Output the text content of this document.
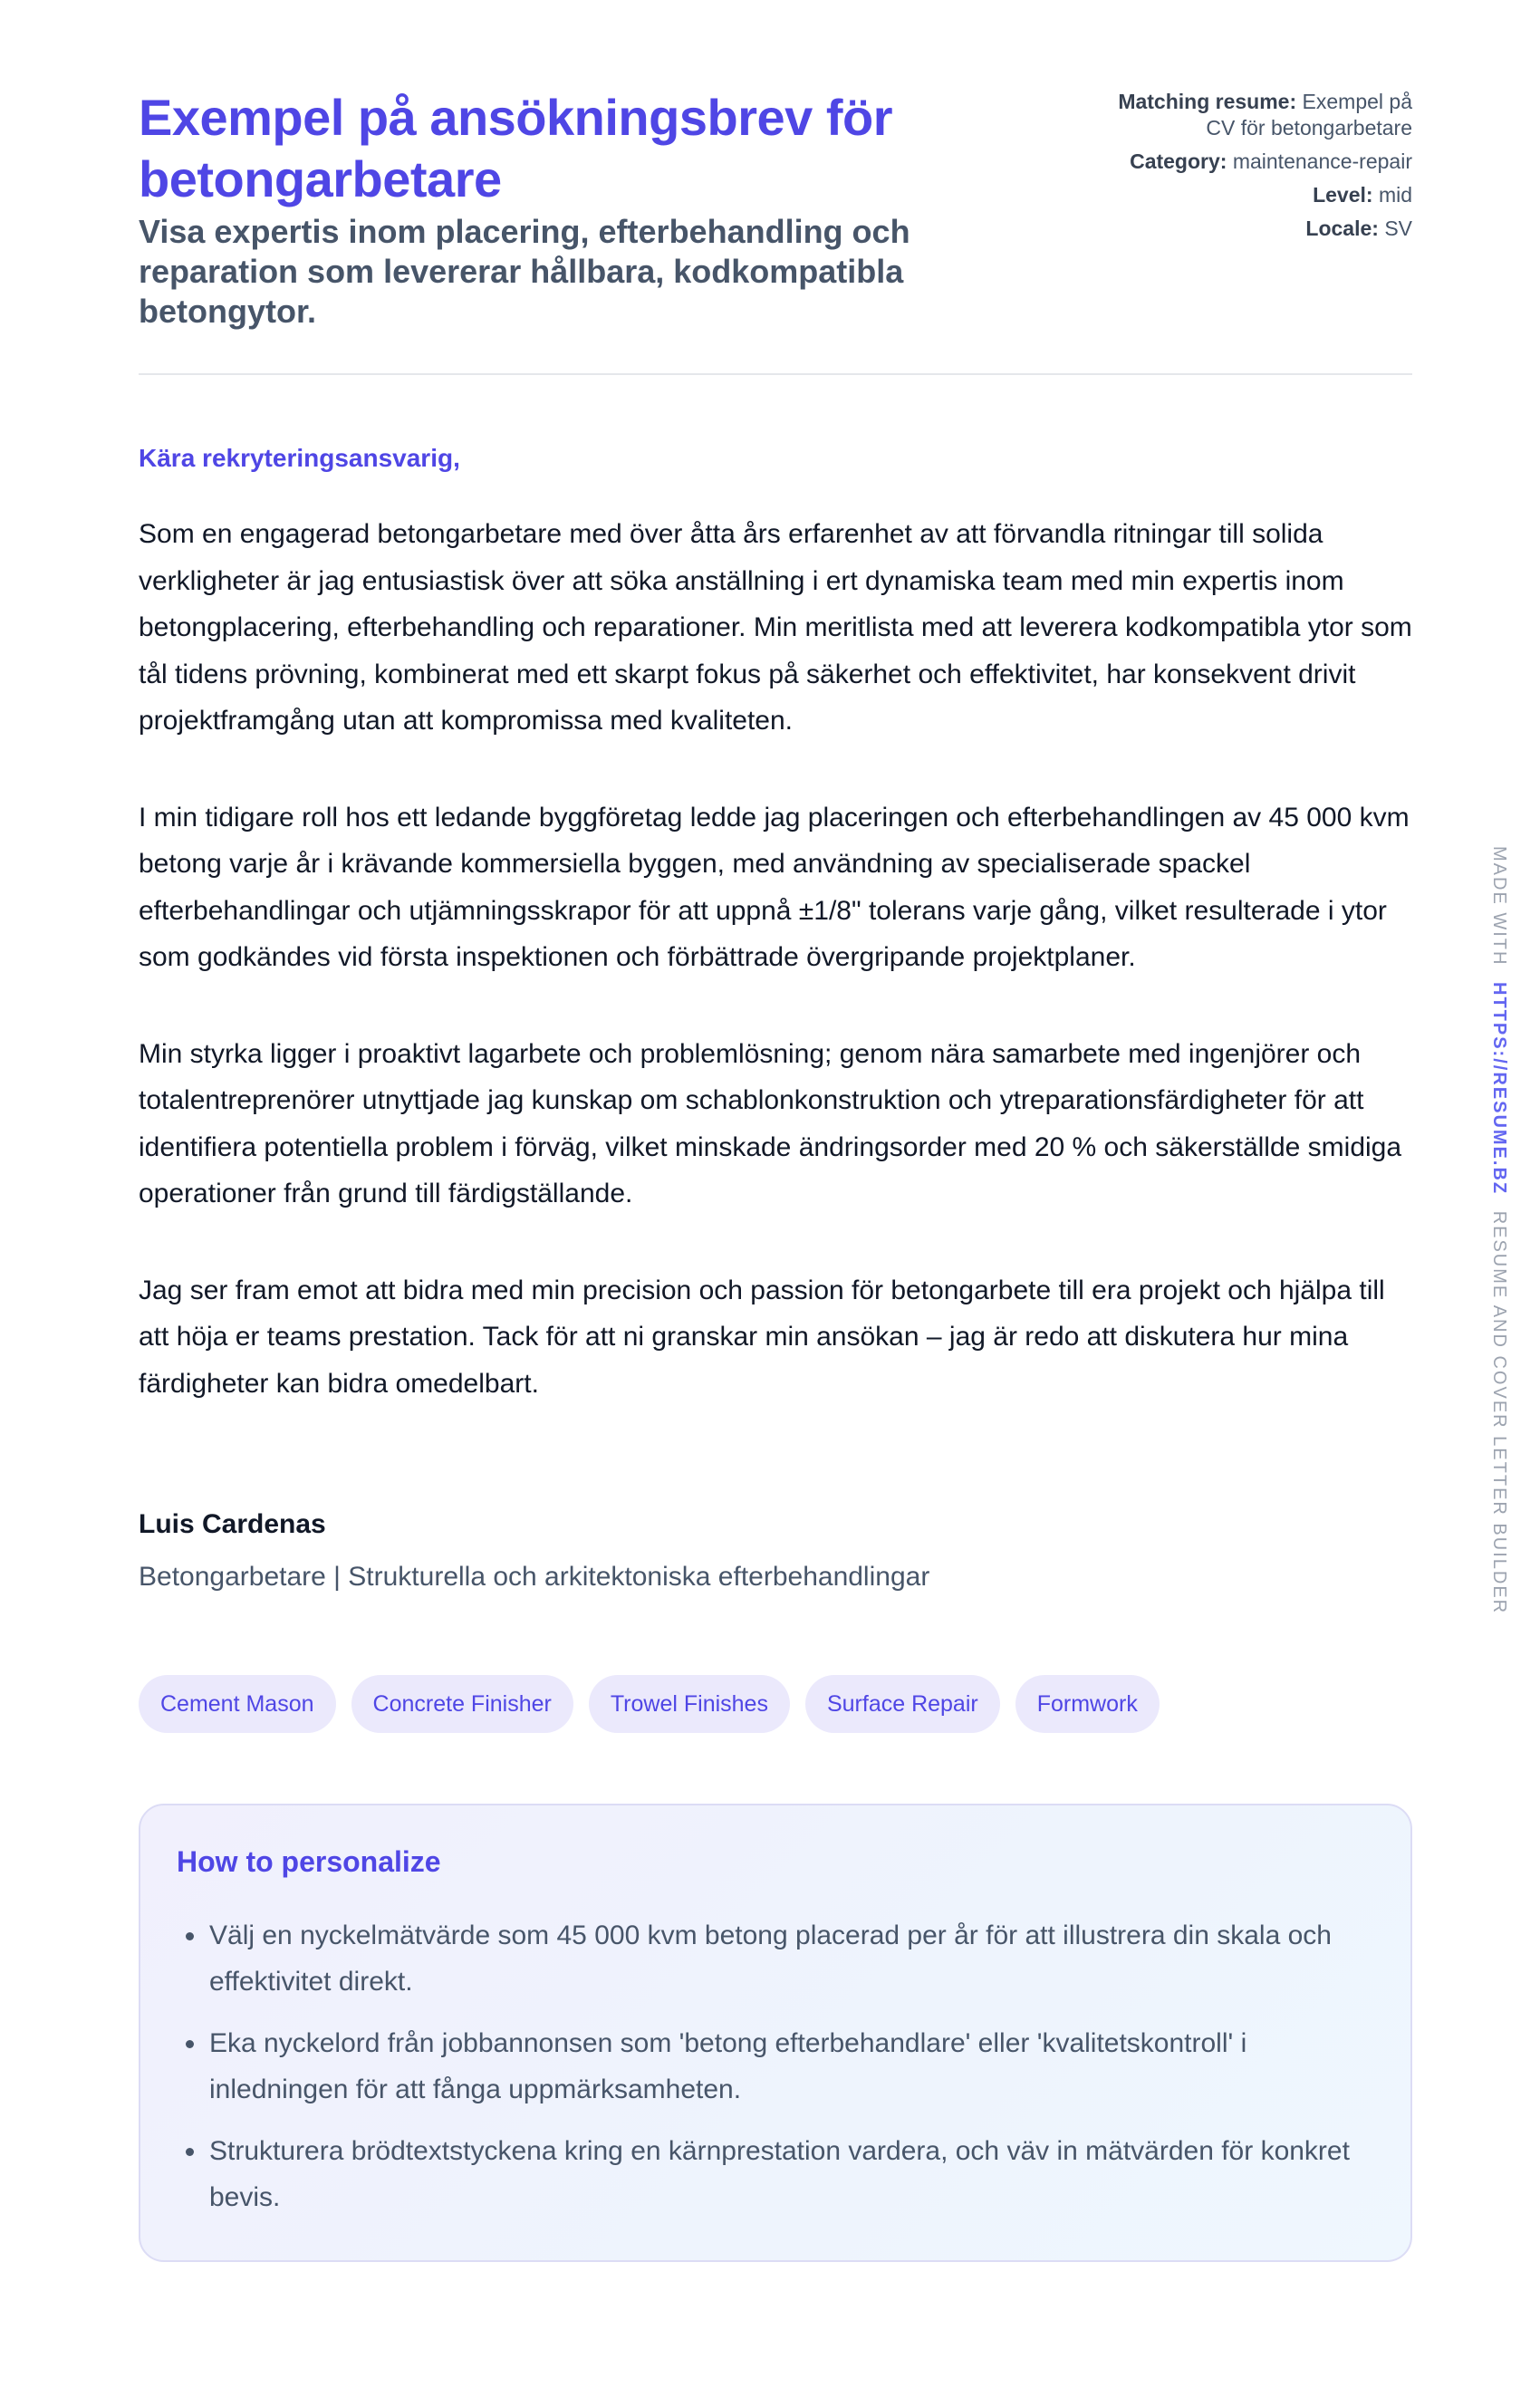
Exempel på ansökningsbrev för betongarbetare
Visa expertis inom placering, efterbehandling och reparation som levererar hållbara, kodkompatibla betongytor.
Matching resume: Exempel på CV för betongarbetare
Category: maintenance-repair
Level: mid
Locale: SV

Kära rekryteringsansvarig,

Som en engagerad betongarbetare med över åtta års erfarenhet av att förvandla ritningar till solida verkligheter är jag entusiastisk över att söka anställning i ert dynamiska team med min expertis inom betongplacering, efterbehandling och reparationer. Min meritlista med att leverera kodkompatibla ytor som tål tidens prövning, kombinerat med ett skarpt fokus på säkerhet och effektivitet, har konsekvent drivit projektframgång utan att kompromissa med kvaliteten.

I min tidigare roll hos ett ledande byggföretag ledde jag placeringen och efterbehandlingen av 45 000 kvm betong varje år i krävande kommersiella byggen, med användning av specialiserade spackel efterbehandlingar och utjämningsskrapor för att uppnå ±1/8" tolerans varje gång, vilket resulterade i ytor som godkändes vid första inspektionen och förbättrade övergripande projektplaner.

Min styrka ligger i proaktivt lagarbete och problemlösning; genom nära samarbete med ingenjörer och totalentreprenörer utnyttjade jag kunskap om schablonkonstruktion och ytreparationsfärdigheter för att identifiera potentiella problem i förväg, vilket minskade ändringsorder med 20 % och säkerställde smidiga operationer från grund till färdigställande.

Jag ser fram emot att bidra med min precision och passion för betongarbete till era projekt och hjälpa till att höja er teams prestation. Tack för att ni granskar min ansökan – jag är redo att diskutera hur mina färdigheter kan bidra omedelbart.

Luis Cardenas
Betongarbetare | Strukturella och arkitektoniska efterbehandlingar
Cement Mason	Concrete Finisher	Trowel Finishes	Surface Repair	Formwork
How to personalize
Välj en nyckelmätvärde som 45 000 kvm betong placerad per år för att illustrera din skala och effektivitet direkt.
Eka nyckelord från jobbannonsen som 'betong efterbehandlare' eller 'kvalitetskontroll' i inledningen för att fånga uppmärksamheten.
Strukturera brödtextstyckena kring en kärnprestation vardera, och väv in mätvärden för konkret bevis.
MADE WITH HTTPS://RESUME.BZ RESUME AND COVER LETTER BUILDER
